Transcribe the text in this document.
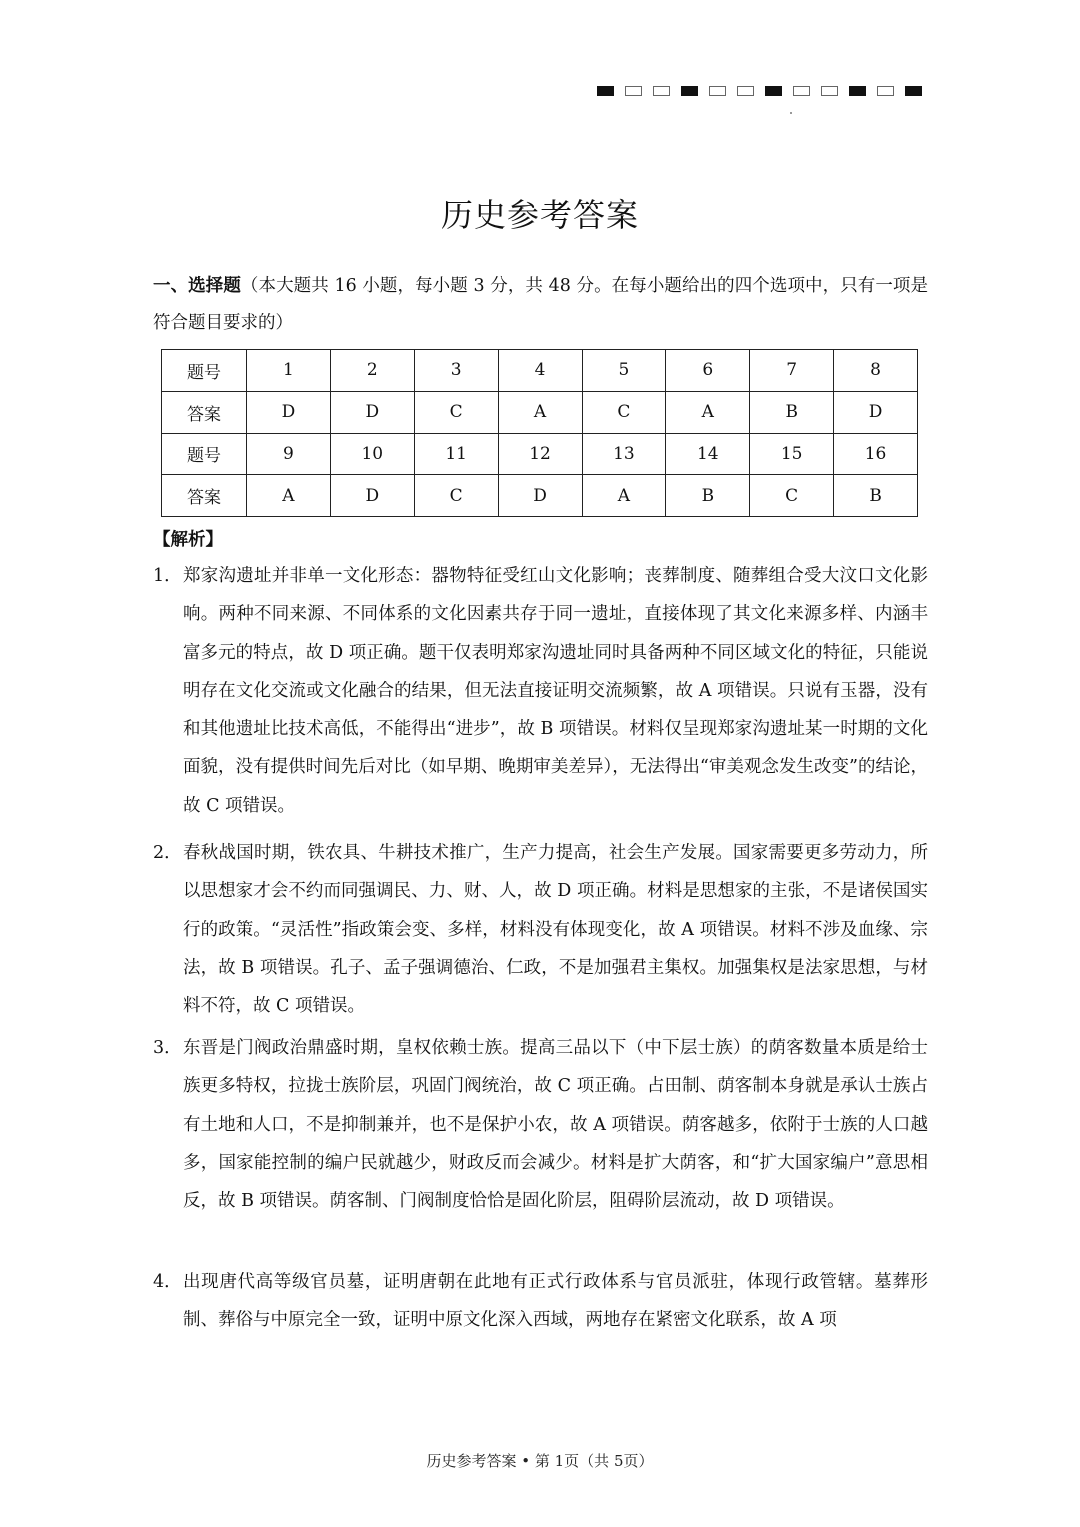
历史参考答案
一、选择题（本大题共 16 小题，每小题 3 分，共 48 分。在每小题给出的四个选项中，只有一项是符合题目要求的）
题号	1	2	3	4	5	6	7	8
答案	D	D	C	A	C	A	B	D
题号	9	10	11	12	13	14	15	16
答案	A	D	C	D	A	B	C	B
【解析】
1． 郑家沟遗址并非单一文化形态：器物特征受红山文化影响；丧葬制度、随葬组合受大汶口文化影响。两种不同来源、不同体系的文化因素共存于同一遗址，直接体现了其文化来源多样、内涵丰富多元的特点，故 D 项正确。题干仅表明郑家沟遗址同时具备两种不同区域文化的特征，只能说明存在文化交流或文化融合的结果，但无法直接证明交流频繁，故 A 项错误。只说有玉器，没有和其他遗址比技术高低，不能得出“进步”，故 B 项错误。材料仅呈现郑家沟遗址某一时期的文化面貌，没有提供时间先后对比（如早期、晚期审美差异），无法得出“审美观念发生改变”的结论，故 C 项错误。
2． 春秋战国时期，铁农具、牛耕技术推广，生产力提高，社会生产发展。国家需要更多劳动力，所以思想家才会不约而同强调民、力、财、人，故 D 项正确。材料是思想家的主张，不是诸侯国实行的政策。“灵活性”指政策会变、多样，材料没有体现变化，故 A 项错误。材料不涉及血缘、宗法，故 B 项错误。孔子、孟子强调德治、仁政，不是加强君主集权。加强集权是法家思想，与材料不符，故 C 项错误。
3． 东晋是门阀政治鼎盛时期，皇权依赖士族。提高三品以下（中下层士族）的荫客数量本质是给士族更多特权，拉拢士族阶层，巩固门阀统治，故 C 项正确。占田制、荫客制本身就是承认士族占有土地和人口，不是抑制兼并，也不是保护小农，故 A 项错误。荫客越多，依附于士族的人口越多，国家能控制的编户民就越少，财政反而会减少。材料是扩大荫客，和“扩大国家编户”意思相反，故 B 项错误。荫客制、门阀制度恰恰是固化阶层，阻碍阶层流动，故 D 项错误。
4． 出现唐代高等级官员墓，证明唐朝在此地有正式行政体系与官员派驻，体现行政管辖。墓葬形制、葬俗与中原完全一致，证明中原文化深入西域，两地存在紧密文化联系，故 A 项
历史参考答案 • 第 1页（共 5页）
